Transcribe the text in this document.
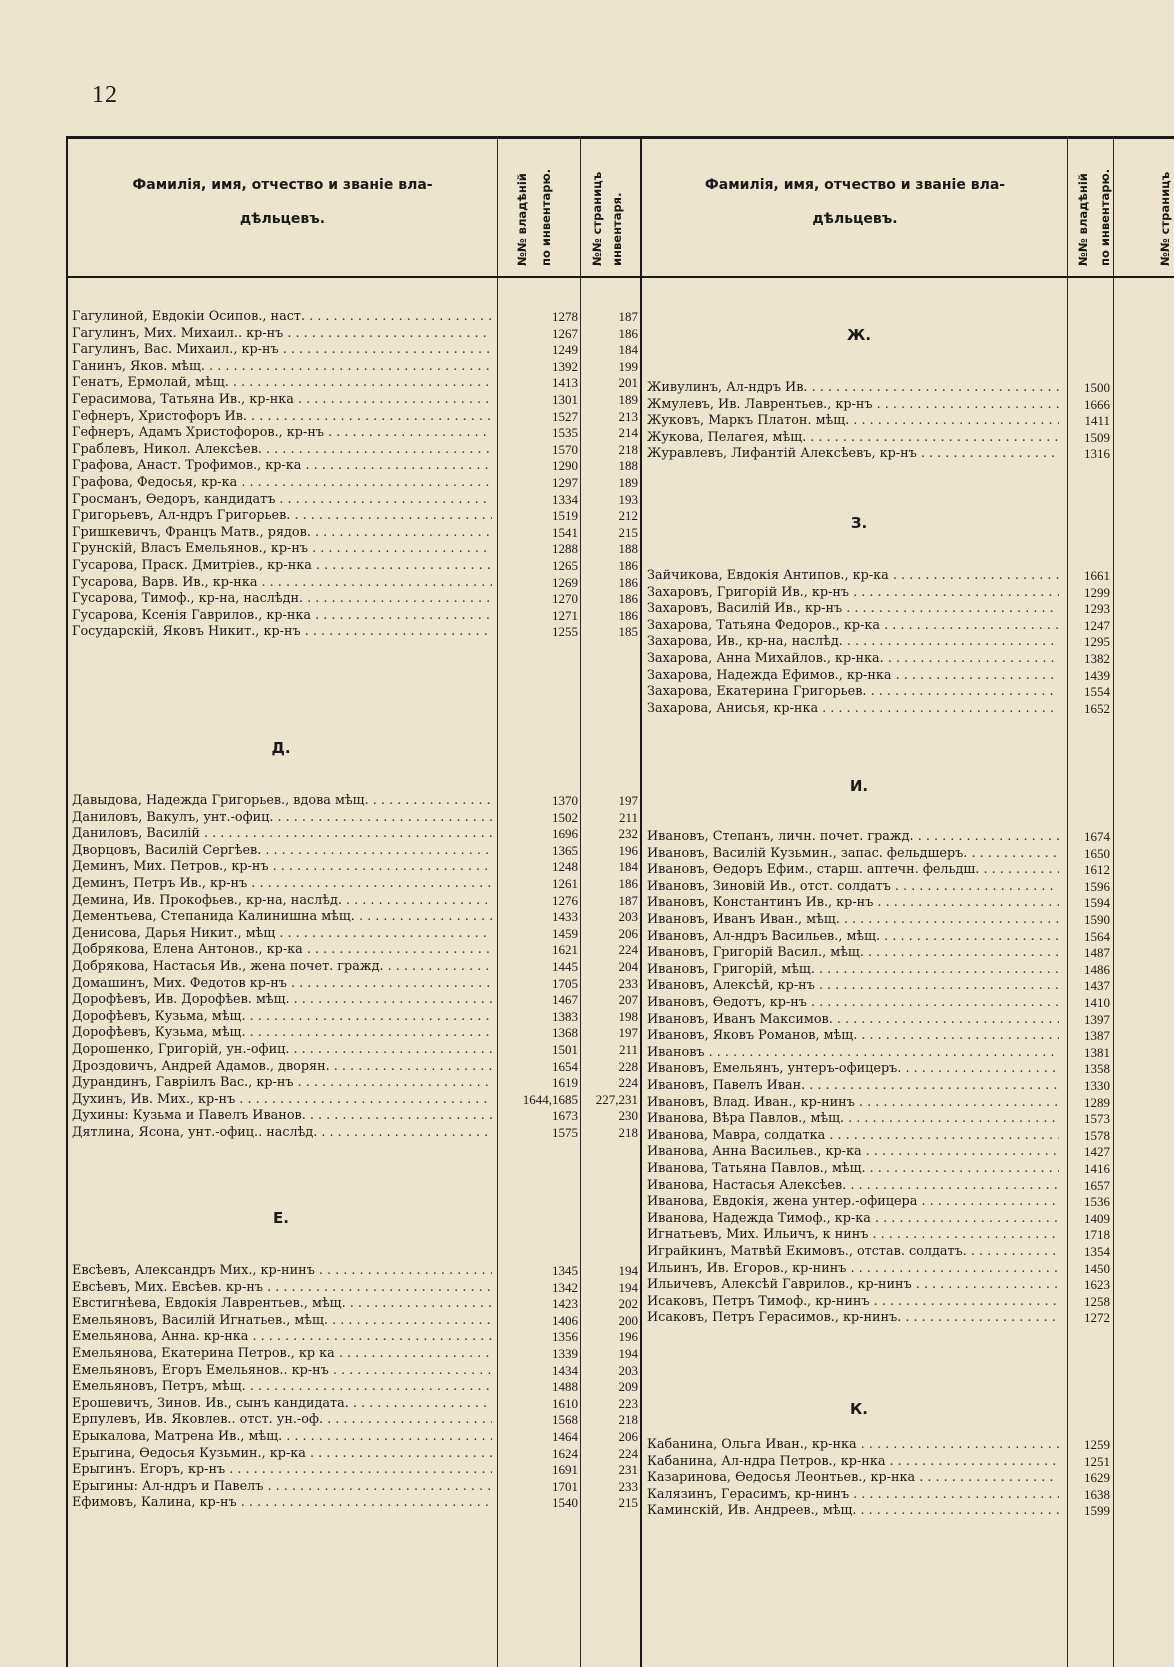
12
Фамилія, имя, отчество и званіе вла-
дѣльцевъ.
Фамилія, имя, отчество и званіе вла-
дѣльцевъ.
№№ владѣній по инвентарю.	№№ страницъ инвентаря.	№№ владѣній по инвентарю.	№№ страницъ
Гагулиной, Евдокіи Осипов., наст. . . .	1278	187
Гагулинъ, Мих. Михаил.. кр-нъ . . .	1267	186
Гагулинъ, Вас. Михаил., кр-нъ . . .	1249	184
Ганинъ, Яков. мѣщ. . . .	1392	199
Генатъ, Ермолай, мѣщ. . . .	1413	201
Герасимова, Татьяна Ив., кр-нка . . .	1301	189
Гефнеръ, Христофоръ Ив. . . .	1527	213
Гефнеръ, Адамъ Христофоров., кр-нъ . . .	1535	214
Граблевъ, Никол. Алексѣев. . . .	1570	218
Графова, Анаст. Трофимов., кр-ка . . .	1290	188
Графова, Федосья, кр-ка . . .	1297	189
Гросманъ, Ѳедоръ, кандидатъ . . .	1334	193
Григорьевъ, Ал-ндръ Григорьев. . . .	1519	212
Гришкевичъ, Францъ Матв., рядов. . . .	1541	215
Грунскій, Власъ Емельянов., кр-нъ . . .	1288	188
Гусарова, Праск. Дмитріев., кр-нка . . .	1265	186
Гусарова, Варв. Ив., кр-нка . . .	1269	186
Гусарова, Тимоф., кр-на, наслѣдн. . . .	1270	186
Гусарова, Ксенія Гаврилов., кр-нка . . .	1271	186
Государскій, Яковъ Никит., кр-нъ . . .	1255	185
Д.
Давыдова, Надежда Григорьев., вдова мѣщ. . . .	1370	197
Даниловъ, Вакулъ, унт.-офиц. . . .	1502	211
Даниловъ, Василій . . .	1696	232
Дворцовъ, Василій Сергѣев. . . .	1365	196
Деминъ, Мих. Петров., кр-нъ . . .	1248	184
Деминъ, Петръ Ив., кр-нъ . . .	1261	186
Демина, Ив. Прокофьев., кр-на, наслѣд. . . .	1276	187
Дементьева, Степанида Калинишна мѣщ. . . .	1433	203
Денисова, Дарья Никит., мѣщ . . .	1459	206
Добрякова, Елена Антонов., кр-ка . . .	1621	224
Добрякова, Настасья Ив., жена почет. гражд. . . .	1445	204
Домашинъ, Мих. Федотов кр-нъ . . .	1705	233
Дорофѣевъ, Ив. Дорофѣев. мѣщ. . . .	1467	207
Дорофѣевъ, Кузьма, мѣщ. . . .	1383	198
Дорофѣевъ, Кузьма, мѣщ. . . .	1368	197
Дорошенко, Григорій, ун.-офиц. . . .	1501	211
Дроздовичъ, Андрей Адамов., дворян. . . .	1654	228
Дурандинъ, Гавріилъ Вас., кр-нъ . . .	1619	224
Духинъ, Ив. Мих., кр-нъ . . .	1644,1685	227,231
Духины: Кузьма и Павелъ Иванов. . . .	1673	230
Дятлина, Ясона, унт.-офиц.. наслѣд. . . .	1575	218
Е.
Евсѣевъ, Александръ Мих., кр-нинъ . . .	1345	194
Евсѣевъ, Мих. Евсѣев. кр-нъ . . .	1342	194
Евстигнѣева, Евдокія Лаврентьев., мѣщ. . . .	1423	202
Емельяновъ, Василій Игнатьев., мѣщ. . . .	1406	200
Емельянова, Анна. кр-нка . . .	1356	196
Емельянова, Екатерина Петров., кр ка . . .	1339	194
Емельяновъ, Егоръ Емельянов.. кр-нъ . . .	1434	203
Емельяновъ, Петръ, мѣщ. . . .	1488	209
Ерошевичъ, Зинов. Ив., сынъ кандидата. . . .	1610	223
Ерпулевъ, Ив. Яковлев.. отст. ун.-оф. . . .	1568	218
Ерыкалова, Матрена Ив., мѣщ. . . .	1464	206
Ерыгина, Ѳедосья Кузьмин., кр-ка . . .	1624	224
Ерыгинъ. Егоръ, кр-нъ . . .	1691	231
Ерыгины: Ал-ндръ и Павелъ . . .	1701	233
Ефимовъ, Калина, кр-нъ . . .	1540	215
Ж.
Живулинъ, Ал-ндръ Ив. . . .	1500
Жмулевъ, Ив. Лаврентьев., кр-нъ . . .	1666
Жуковъ, Маркъ Платон. мѣщ. . . .	1411
Жукова, Пелагея, мѣщ. . . .	1509
Журавлевъ, Лифантій Алексѣевъ, кр-нъ . . .	1316
З.
Зайчикова, Евдокія Антипов., кр-ка . . .	1661
Захаровъ, Григорій Ив., кр-нъ . . .	1299
Захаровъ, Василій Ив., кр-нъ . . .	1293
Захарова, Татьяна Федоров., кр-ка . . .	1247
Захарова, Ив., кр-на, наслѣд. . . .	1295
Захарова, Анна Михайлов., кр-нка. . . .	1382
Захарова, Надежда Ефимов., кр-нка . . .	1439
Захарова, Екатерина Григорьев. . . .	1554
Захарова, Анисья, кр-нка . . .	1652
И.
Ивановъ, Степанъ, личн. почет. гражд. . . .	1674
Ивановъ, Василій Кузьмин., запас. фельдшеръ. . . .	1650
Ивановъ, Ѳедоръ Ефим., старш. аптечн. фельдш. . . .	1612
Ивановъ, Зиновій Ив., отст. солдатъ . . .	1596
Ивановъ, Константинъ Ив., кр-нъ . . .	1594
Ивановъ, Иванъ Иван., мѣщ. . . .	1590
Ивановъ, Ал-ндръ Васильев., мѣщ. . . .	1564
Ивановъ, Григорій Васил., мѣщ. . . .	1487
Ивановъ, Григорій, мѣщ. . . .	1486
Ивановъ, Алексѣй, кр-нъ . . .	1437
Ивановъ, Ѳедотъ, кр-нъ . . .	1410
Ивановъ, Иванъ Максимов. . . .	1397
Ивановъ, Яковъ Романов, мѣщ. . . .	1387
Ивановъ . . .	1381
Ивановъ, Емельянъ, унтеръ-офицеръ. . . .	1358
Ивановъ, Павелъ Иван. . . .	1330
Ивановъ, Влад. Иван., кр-нинъ . . .	1289
Иванова, Вѣра Павлов., мѣщ. . . .	1573
Иванова, Мавра, солдатка . . .	1578
Иванова, Анна Васильев., кр-ка . . .	1427
Иванова, Татьяна Павлов., мѣщ. . . .	1416
Иванова, Настасья Алексѣев. . . .	1657
Иванова, Евдокія, жена унтер.-офицера . . .	1536
Иванова, Надежда Тимоф., кр-ка . . .	1409
Игнатьевъ, Мих. Ильичъ, к нинъ . . .	1718
Играйкинъ, Матвѣй Екимовъ., отстав. солдатъ. . . .	1354
Ильинъ, Ив. Егоров., кр-нинъ . . .	1450
Ильичевъ, Алексѣй Гаврилов., кр-нинъ . . .	1623
Исаковъ, Петръ Тимоф., кр-нинъ . . .	1258
Исаковъ, Петръ Герасимов., кр-нинъ. . . .	1272
К.
Кабанина, Ольга Иван., кр-нка . . .	1259
Кабанина, Ал-ндра Петров., кр-нка . . .	1251
Казаринова, Ѳедосья Леонтьев., кр-нка . . .	1629
Калязинъ, Герасимъ, кр-нинъ . . .	1638
Каминскій, Ив. Андреев., мѣщ. . . .	1599
